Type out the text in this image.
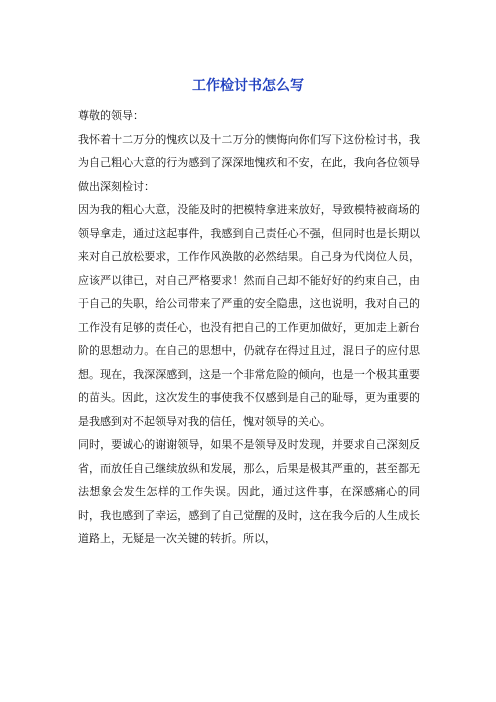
工作检讨书怎么写

尊敬的领导：

我怀着十二万分的愧疚以及十二万分的懊悔向你们写下这份检讨书，我为自己粗心大意的行为感到了深深地愧疚和不安，在此，我向各位领导做出深刻检讨：

因为我的粗心大意，没能及时的把模特拿进来放好，导致模特被商场的领导拿走，通过这起事件，我感到自己责任心不强，但同时也是长期以来对自己放松要求，工作作风涣散的必然结果。自己身为代岗位人员，应该严以律已，对自己严格要求！然而自己却不能好好的约束自己，由于自己的失职，给公司带来了严重的安全隐患，这也说明，我对自己的工作没有足够的责任心，也没有把自己的工作更加做好，更加走上新台阶的思想动力。在自己的思想中，仍就存在得过且过，混日子的应付思想。现在，我深深感到，这是一个非常危险的倾向，也是一个极其重要的苗头。因此，这次发生的事使我不仅感到是自己的耻辱，更为重要的是我感到对不起领导对我的信任，愧对领导的关心。

同时，要诚心的谢谢领导，如果不是领导及时发现，并要求自己深刻反省，而放任自己继续放纵和发展，那么，后果是极其严重的，甚至都无法想象会发生怎样的工作失误。因此，通过这件事，在深感痛心的同时，我也感到了幸运，感到了自己觉醒的及时，这在我今后的人生成长道路上，无疑是一次关键的转折。所以，
